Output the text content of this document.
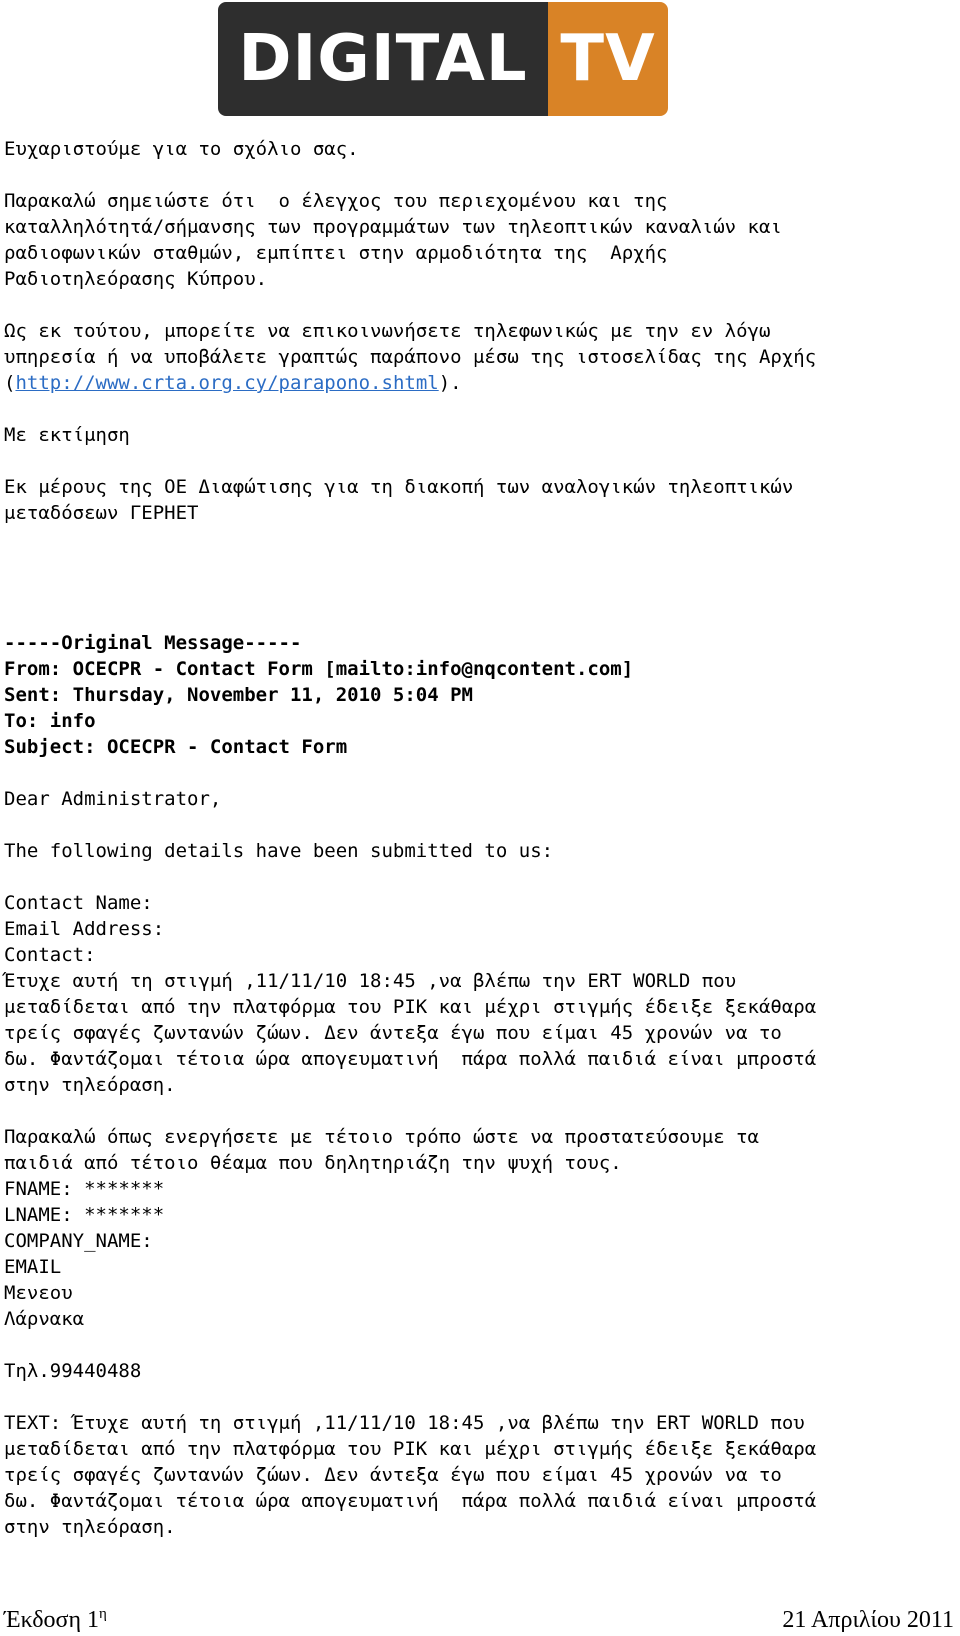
DIGITAL TV
Ευχαριστούμε για το σχόλιο σας.
Παρακαλώ σημειώστε ότι  ο έλεγχος του περιεχομένου και της
καταλληλότητά/σήμανσης των προγραμμάτων των τηλεοπτικών καναλιών και
ραδιοφωνικών σταθμών, εμπίπτει στην αρμοδιότητα της  Αρχής
Ραδιοτηλεόρασης Κύπρου.
Ως εκ τούτου, μπορείτε να επικοινωνήσετε τηλεφωνικώς με την εν λόγω
υπηρεσία ή να υποβάλετε γραπτώς παράπονο μέσω της ιστοσελίδας της Αρχής
(http://www.crta.org.cy/parapono.shtml).
Με εκτίμηση
Εκ μέρους της ΟΕ Διαφώτισης για τη διακοπή των αναλογικών τηλεοπτικών
μεταδόσεων ΓΕΡΗΕΤ
-----Original Message-----
From: OCECPR - Contact Form [mailto:info@nqcontent.com]
Sent: Thursday, November 11, 2010 5:04 PM
To: info
Subject: OCECPR - Contact Form
Dear Administrator,
The following details have been submitted to us:
Contact Name:
Email Address:
Contact:
Έτυχε αυτή τη στιγμή ,11/11/10 18:45 ,να βλέπω την ERT WORLD που
μεταδίδεται από την πλατφόρμα του ΡΙΚ και μέχρι στιγμής έδειξε ξεκάθαρα
τρείς σφαγές ζωντανών ζώων. Δεν άντεξα έγω που είμαι 45 χρονών να το
δω. Φαντάζομαι τέτοια ώρα απογευματινή  πάρα πολλά παιδιά είναι μπροστά
στην τηλεόραση.
Παρακαλώ όπως ενεργήσετε με τέτοιο τρόπο ώστε να προστατεύσουμε τα
παιδιά από τέτοιο θέαμα που δηλητηριάζη την ψυχή τους.
FNAME: *******
LNAME: *******
COMPANY_NAME:
EMAIL
Μενεου
Λάρνακα
Τηλ.99440488
TEXT: Έτυχε αυτή τη στιγμή ,11/11/10 18:45 ,να βλέπω την ERT WORLD που
μεταδίδεται από την πλατφόρμα του ΡΙΚ και μέχρι στιγμής έδειξε ξεκάθαρα
τρείς σφαγές ζωντανών ζώων. Δεν άντεξα έγω που είμαι 45 χρονών να το
δω. Φαντάζομαι τέτοια ώρα απογευματινή  πάρα πολλά παιδιά είναι μπροστά
στην τηλεόραση.
Έκδοση $1^\eta$	21 Απριλίου 2011
